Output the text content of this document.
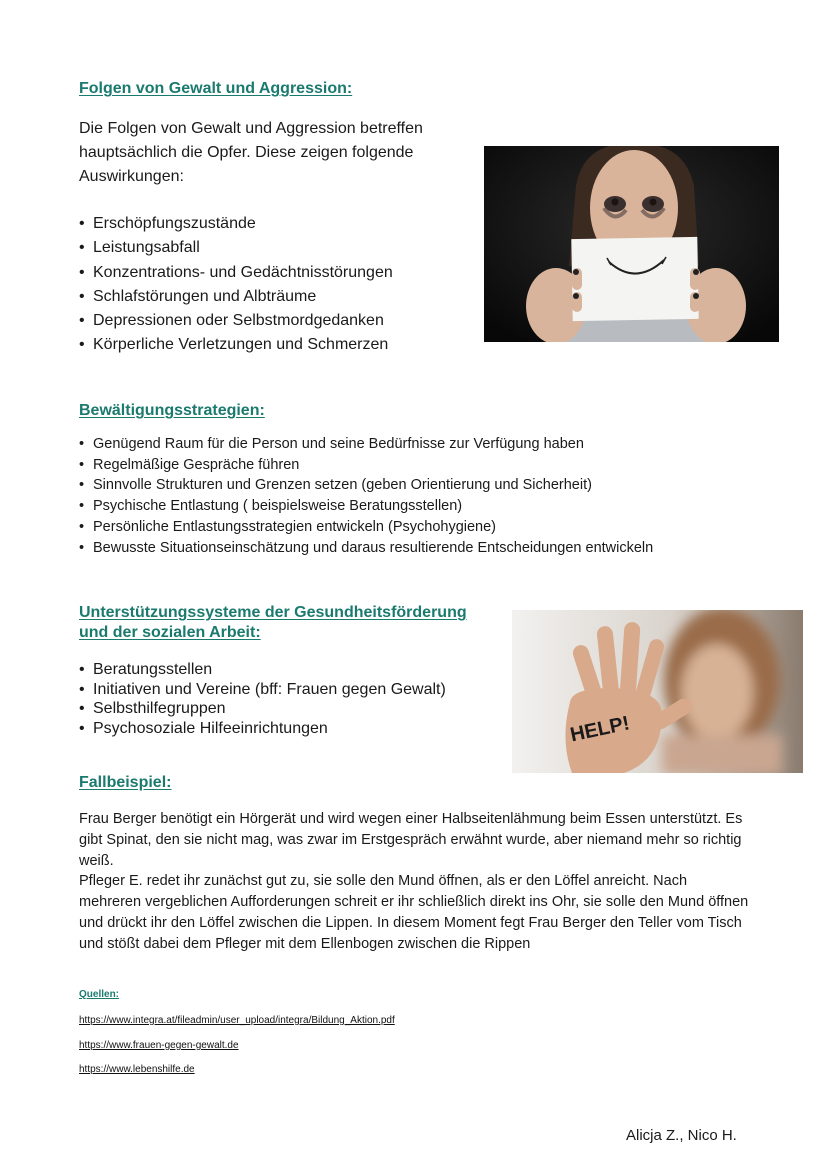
Folgen von Gewalt und Aggression:
Die Folgen von Gewalt und Aggression betreffen hauptsächlich die Opfer. Diese zeigen folgende Auswirkungen:
• Erschöpfungszustände
• Leistungsabfall
• Konzentrations- und Gedächtnisstörungen
• Schlafstörungen und Albträume
• Depressionen oder Selbstmordgedanken
• Körperliche Verletzungen und Schmerzen
Bewältigungsstrategien:
• Genügend Raum für die Person und seine Bedürfnisse zur Verfügung haben
• Regelmäßige Gespräche führen
• Sinnvolle Strukturen und Grenzen setzen (geben Orientierung und Sicherheit)
• Psychische Entlastung ( beispielsweise Beratungsstellen)
• Persönliche Entlastungsstrategien entwickeln (Psychohygiene)
• Bewusste Situationseinschätzung und daraus resultierende Entscheidungen entwickeln
Unterstützungssysteme der Gesundheitsförderung
und der sozialen Arbeit:
• Beratungsstellen
• Initiativen und Vereine (bff: Frauen gegen Gewalt)
• Selbsthilfegruppen
• Psychosoziale Hilfeeinrichtungen	HELP!
Fallbeispiel:

Frau Berger benötigt ein Hörgerät und wird wegen einer Halbseitenlähmung beim Essen unterstützt. Es gibt Spinat, den sie nicht mag, was zwar im Erstgespräch erwähnt wurde, aber niemand mehr so richtig weiß.

Pfleger E. redet ihr zunächst gut zu, sie solle den Mund öffnen, als er den Löffel anreicht. Nach mehreren vergeblichen Aufforderungen schreit er ihr schließlich direkt ins Ohr, sie solle den Mund öffnen und drückt ihr den Löffel zwischen die Lippen. In diesem Moment fegt Frau Berger den Teller vom Tisch und stößt dabei dem Pfleger mit dem Ellenbogen zwischen die Rippen

Quellen:
https://www.integra.at/fileadmin/user_upload/integra/Bildung_Aktion.pdf
https://www.frauen-gegen-gewalt.de
https://www.lebenshilfe.de
Alicja Z., Nico H.
